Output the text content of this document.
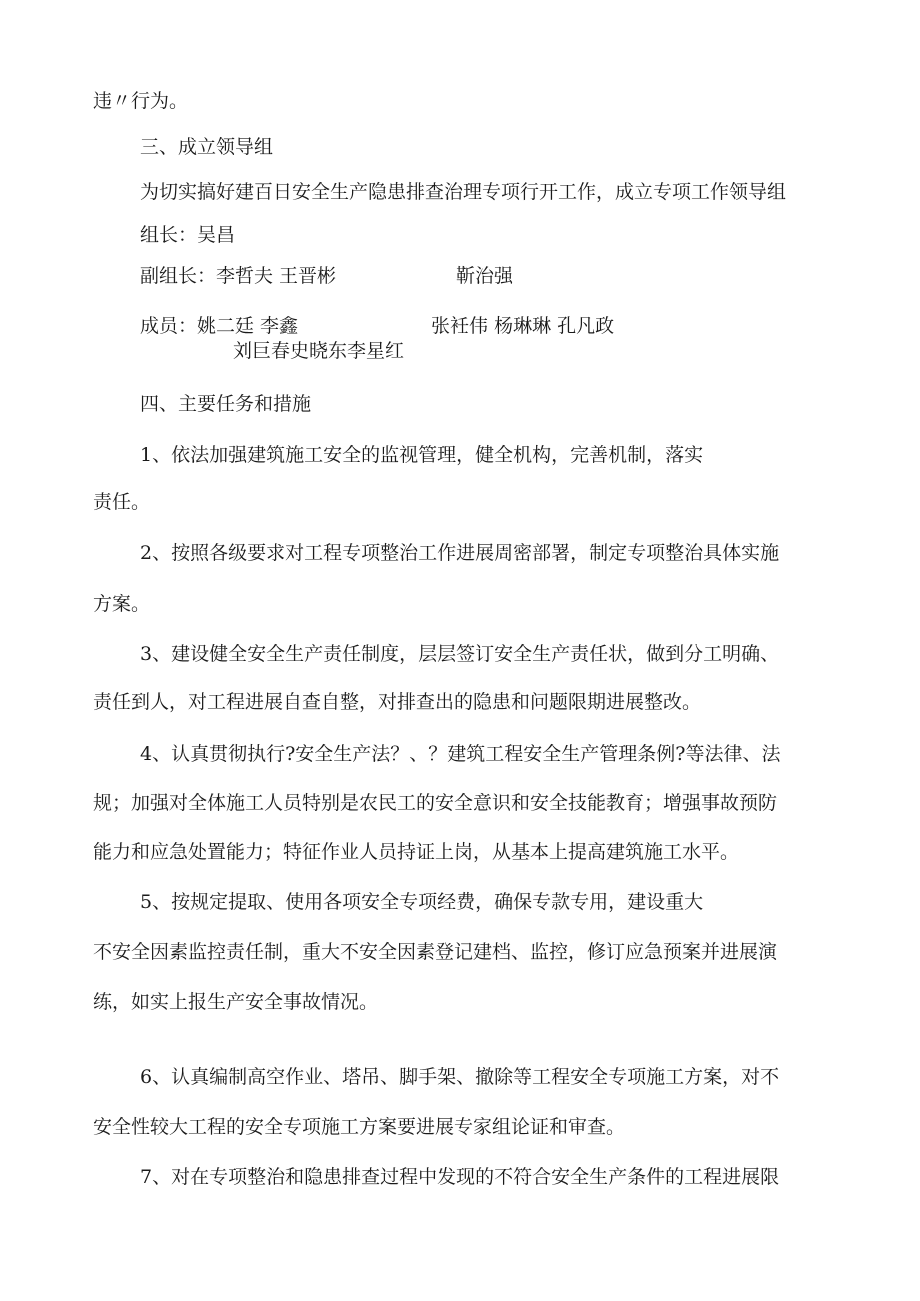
违〃行为。

三、成立领导组

为切实搞好建百日安全生产隐患排查治理专项行开工作，成立专项工作领导组

组长：吴昌

副组长：李哲夫 王晋彬	靳治强

成员：姚二廷 李鑫	张衽伟 杨琳琳 孔凡政

刘巨春史晓东李星红

四、主要任务和措施

1、依法加强建筑施工安全的监视管理，健全机构，完善机制，落实

责任。

2、按照各级要求对工程专项整治工作进展周密部署，制定专项整治具体实施

方案。

3、建设健全安全生产责任制度，层层签订安全生产责任状，做到分工明确、

责任到人，对工程进展自查自整，对排查出的隐患和问题限期进展整改。

4、认真贯彻执行?安全生产法？、？建筑工程安全生产管理条例?等法律、法

规；加强对全体施工人员特别是农民工的安全意识和安全技能教育；增强事故预防

能力和应急处置能力；特征作业人员持证上岗，从基本上提高建筑施工水平。

5、按规定提取、使用各项安全专项经费，确保专款专用，建设重大

不安全因素监控责任制，重大不安全因素登记建档、监控，修订应急预案并进展演

练，如实上报生产安全事故情况。

6、认真编制高空作业、塔吊、脚手架、撤除等工程安全专项施工方案，对不

安全性较大工程的安全专项施工方案要进展专家组论证和审查。

7、对在专项整治和隐患排查过程中发现的不符合安全生产条件的工程进展限
